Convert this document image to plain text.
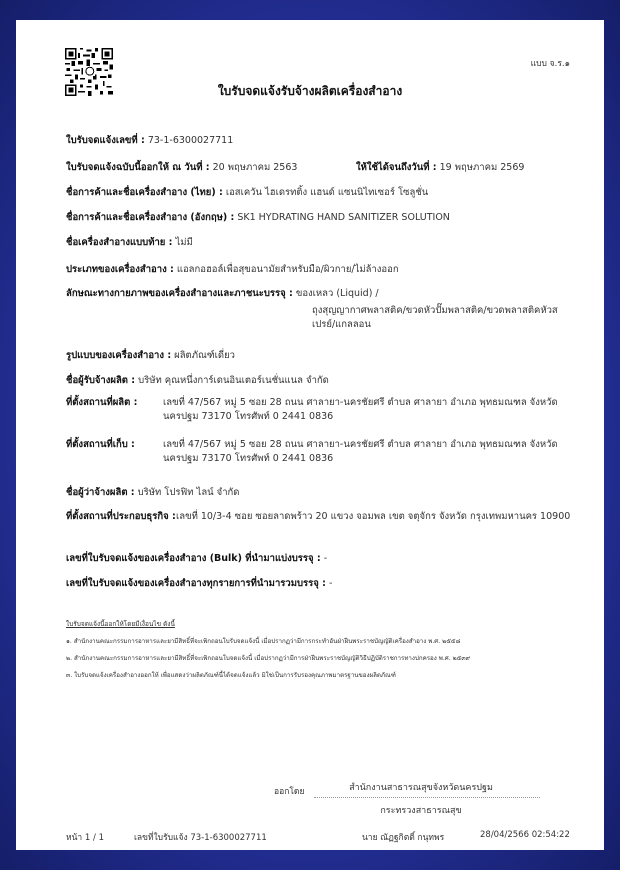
แบบ จ.ร.๑
ใบรับจดแจ้งรับจ้างผลิตเครื่องสำอาง
ใบรับจดแจ้งเลขที่ : 73-1-6300027711
ใบรับจดแจ้งฉบับนี้ออกให้ ณ วันที่ : 20 พฤษภาคม 2563	ให้ใช้ได้จนถึงวันที่ : 19 พฤษภาคม 2569
ชื่อการค้าและชื่อเครื่องสำอาง (ไทย) : เอสเควัน ไฮเดรทติ้ง แฮนด์ แซนนิไทเซอร์ โซลูชั่น
ชื่อการค้าและชื่อเครื่องสำอาง (อังกฤษ) : SK1 HYDRATING HAND SANITIZER SOLUTION
ชื่อเครื่องสำอางแบบท้าย : ไม่มี
ประเภทของเครื่องสำอาง : แอลกอฮอล์เพื่อสุขอนามัยสำหรับมือ/ผิวกาย/ไม่ล้างออก
ลักษณะทางกายภาพของเครื่องสำอางและภาชนะบรรจุ : ของเหลว (Liquid) /
ถุงสุญญากาศพลาสติค/ขวดหัวปั๊มพลาสติค/ขวดพลาสติคหัวสเปรย์/แกลลอน
รูปแบบของเครื่องสำอาง : ผลิตภัณฑ์เดี่ยว
ชื่อผู้รับจ้างผลิต : บริษัท คุณหนึ่งการ์เดนอินเตอร์เนชั่นแนล จำกัด
ที่ตั้งสถานที่ผลิต :	เลขที่ 47/567 หมู่ 5 ซอย 28 ถนน ศาลายา-นครชัยศรี ตำบล ศาลายา อำเภอ พุทธมณฑล จังหวัด นครปฐม 73170 โทรศัพท์ 0 2441 0836
ที่ตั้งสถานที่เก็บ :	เลขที่ 47/567 หมู่ 5 ซอย 28 ถนน ศาลายา-นครชัยศรี ตำบล ศาลายา อำเภอ พุทธมณฑล จังหวัด นครปฐม 73170 โทรศัพท์ 0 2441 0836
ชื่อผู้ว่าจ้างผลิต : บริษัท โปรฟิท ไลน์ จำกัด
ที่ตั้งสถานที่ประกอบธุรกิจ : เลขที่ 10/3-4 ซอย ซอยลาดพร้าว 20 แขวง จอมพล เขต จตุจักร จังหวัด กรุงเทพมหานคร 10900
เลขที่ใบรับจดแจ้งของเครื่องสำอาง (Bulk) ที่นำมาแบ่งบรรจุ : -
เลขที่ใบรับจดแจ้งของเครื่องสำอางทุกรายการที่นำมารวมบรรจุ : -
ใบรับจดแจ้งนี้ออกให้โดยมีเงื่อนไข ดังนี้
๑. สำนักงานคณะกรรมการอาหารและยามีสิทธิ์ที่จะเพิกถอนใบรับจดแจ้งนี้ เมื่อปรากฏว่ามีการกระทำอันฝ่าฝืนพระราชบัญญัติเครื่องสำอาง พ.ศ. ๒๕๕๘
๒. สำนักงานคณะกรรมการอาหารและยามีสิทธิ์ที่จะเพิกถอนใบจดแจ้งนี้ เมื่อปรากฏว่ามีการฝ่าฝืนพระราชบัญญัติวิธีปฏิบัติราชการทางปกครอง พ.ศ. ๒๕๓๙
๓. ใบรับจดแจ้งเครื่องสำอางออกให้ เพื่อแสดงว่าผลิตภัณฑ์นี้ได้จดแจ้งแล้ว มิใช่เป็นการรับรองคุณภาพมาตรฐานของผลิตภัณฑ์
ออกโดย	สำนักงานสาธารณสุขจังหวัดนครปฐม
กระทรวงสาธารณสุข
หน้า 1 / 1	เลขที่ใบรับแจ้ง 73-1-6300027711	นาย ณัฏฐกิตติ์ กนุทพร	28/04/2566 02:54:22
